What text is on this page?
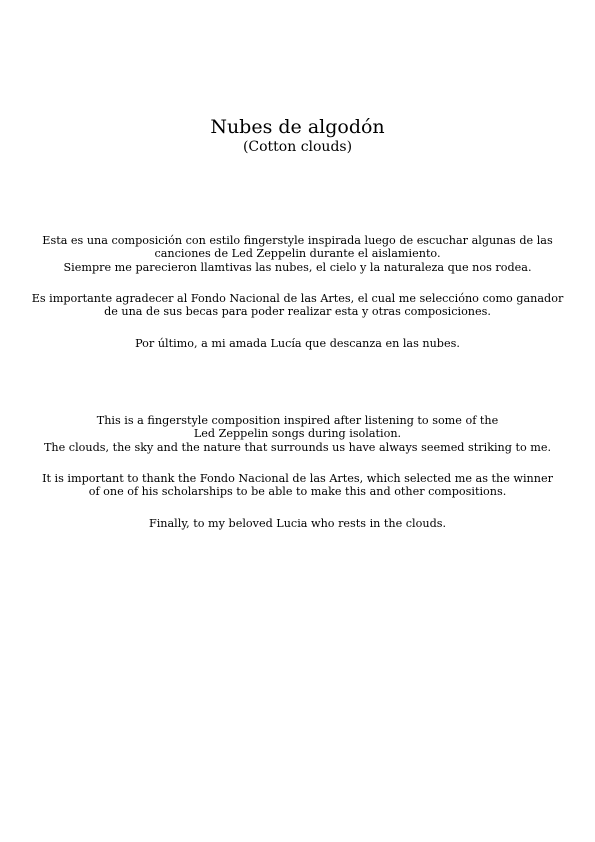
Nubes de algodón
(Cotton clouds)
Esta es una composición con estilo fingerstyle inspirada luego de escuchar algunas de las
canciones de Led Zeppelin durante el aislamiento.
Siempre me parecieron llamtivas las nubes, el cielo y la naturaleza que nos rodea.
Es importante agradecer al Fondo Nacional de las Artes, el cual me seleccióno como ganador
de una de sus becas para poder realizar esta y otras composiciones.
Por último, a mi amada Lucía que descanza en las nubes.
This is a fingerstyle composition inspired after listening to some of the
Led Zeppelin songs during isolation.
The clouds, the sky and the nature that surrounds us have always seemed striking to me.
It is important to thank the Fondo Nacional de las Artes, which selected me as the winner
of one of his scholarships to be able to make this and other compositions.
Finally, to my beloved Lucia who rests in the clouds.
